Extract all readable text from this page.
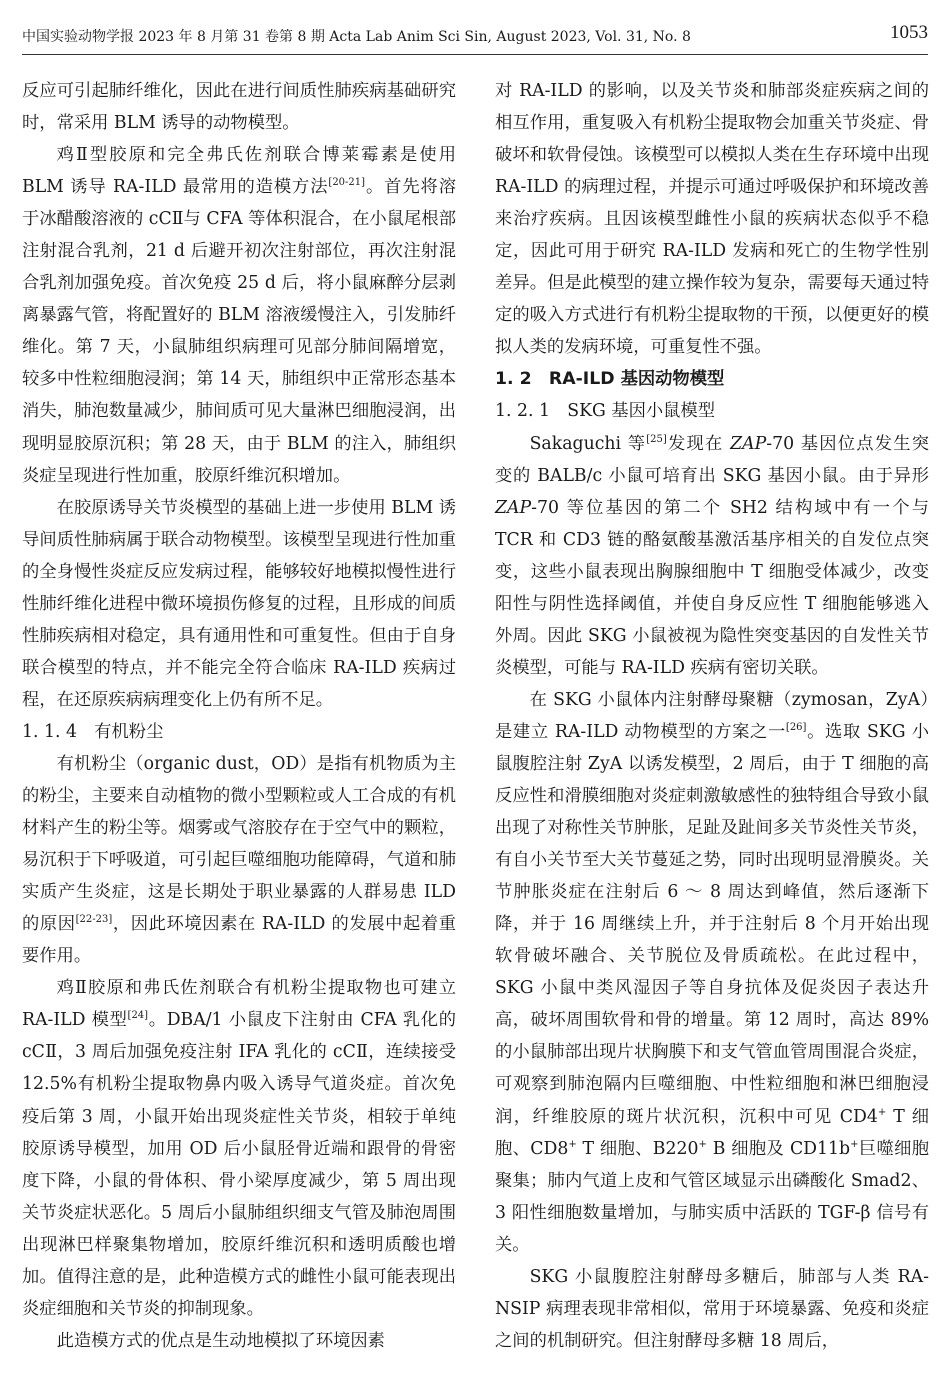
中国实验动物学报 2023 年 8 月第 31 卷第 8 期 Acta Lab Anim Sci Sin, August 2023, Vol. 31, No. 8	1053

反应可引起肺纤维化，因此在进行间质性肺疾病基础研究时，常采用 BLM 诱导的动物模型。

鸡Ⅱ型胶原和完全弗氏佐剂联合博莱霉素是使用 BLM 诱导 RA-ILD 最常用的造模方法[20-21]。首先将溶于冰醋酸溶液的 cCⅡ与 CFA 等体积混合，在小鼠尾根部注射混合乳剂，21 d 后避开初次注射部位，再次注射混合乳剂加强免疫。首次免疫 25 d 后，将小鼠麻醉分层剥离暴露气管，将配置好的 BLM 溶液缓慢注入，引发肺纤维化。第 7 天，小鼠肺组织病理可见部分肺间隔增宽，较多中性粒细胞浸润；第 14 天，肺组织中正常形态基本消失，肺泡数量减少，肺间质可见大量淋巴细胞浸润，出现明显胶原沉积；第 28 天，由于 BLM 的注入，肺组织炎症呈现进行性加重，胶原纤维沉积增加。

在胶原诱导关节炎模型的基础上进一步使用 BLM 诱导间质性肺病属于联合动物模型。该模型呈现进行性加重的全身慢性炎症反应发病过程，能够较好地模拟慢性进行性肺纤维化进程中微环境损伤修复的过程，且形成的间质性肺疾病相对稳定，具有通用性和可重复性。但由于自身联合模型的特点，并不能完全符合临床 RA-ILD 疾病过程，在还原疾病病理变化上仍有所不足。

1. 1. 4　有机粉尘

有机粉尘（organic dust，OD）是指有机物质为主的粉尘，主要来自动植物的微小型颗粒或人工合成的有机材料产生的粉尘等。烟雾或气溶胶存在于空气中的颗粒，易沉积于下呼吸道，可引起巨噬细胞功能障碍，气道和肺实质产生炎症，这是长期处于职业暴露的人群易患 ILD 的原因[22-23]，因此环境因素在 RA-ILD 的发展中起着重要作用。

鸡Ⅱ胶原和弗氏佐剂联合有机粉尘提取物也可建立 RA-ILD 模型[24]。DBA/1 小鼠皮下注射由 CFA 乳化的 cCⅡ，3 周后加强免疫注射 IFA 乳化的 cCⅡ，连续接受 12.5%有机粉尘提取物鼻内吸入诱导气道炎症。首次免疫后第 3 周，小鼠开始出现炎症性关节炎，相较于单纯胶原诱导模型，加用 OD 后小鼠胫骨近端和跟骨的骨密度下降，小鼠的骨体积、骨小梁厚度减少，第 5 周出现关节炎症状恶化。5 周后小鼠肺组织细支气管及肺泡周围出现淋巴样聚集物增加，胶原纤维沉积和透明质酸也增加。值得注意的是，此种造模方式的雌性小鼠可能表现出炎症细胞和关节炎的抑制现象。

此造模方式的优点是生动地模拟了环境因素

对 RA-ILD 的影响，以及关节炎和肺部炎症疾病之间的相互作用，重复吸入有机粉尘提取物会加重关节炎症、骨破坏和软骨侵蚀。该模型可以模拟人类在生存环境中出现 RA-ILD 的病理过程，并提示可通过呼吸保护和环境改善来治疗疾病。且因该模型雌性小鼠的疾病状态似乎不稳定，因此可用于研究 RA-ILD 发病和死亡的生物学性别差异。但是此模型的建立操作较为复杂，需要每天通过特定的吸入方式进行有机粉尘提取物的干预，以便更好的模拟人类的发病环境，可重复性不强。

1. 2　RA-ILD 基因动物模型

1. 2. 1　SKG 基因小鼠模型

Sakaguchi 等[25]发现在 ZAP-70 基因位点发生突变的 BALB/c 小鼠可培育出 SKG 基因小鼠。由于异形 ZAP-70 等位基因的第二个 SH2 结构域中有一个与 TCR 和 CD3 链的酪氨酸基激活基序相关的自发位点突变，这些小鼠表现出胸腺细胞中 T 细胞受体减少，改变阳性与阴性选择阈值，并使自身反应性 T 细胞能够逃入外周。因此 SKG 小鼠被视为隐性突变基因的自发性关节炎模型，可能与 RA-ILD 疾病有密切关联。

在 SKG 小鼠体内注射酵母聚糖（zymosan，ZyA）是建立 RA-ILD 动物模型的方案之一[26]。选取 SKG 小鼠腹腔注射 ZyA 以诱发模型，2 周后，由于 T 细胞的高反应性和滑膜细胞对炎症刺激敏感性的独特组合导致小鼠出现了对称性关节肿胀，足趾及趾间多关节炎性关节炎，有自小关节至大关节蔓延之势，同时出现明显滑膜炎。关节肿胀炎症在注射后 6 ～ 8 周达到峰值，然后逐渐下降，并于 16 周继续上升，并于注射后 8 个月开始出现软骨破坏融合、关节脱位及骨质疏松。在此过程中，SKG 小鼠中类风湿因子等自身抗体及促炎因子表达升高，破坏周围软骨和骨的增量。第 12 周时，高达 89%的小鼠肺部出现片状胸膜下和支气管血管周围混合炎症，可观察到肺泡隔内巨噬细胞、中性粒细胞和淋巴细胞浸润，纤维胶原的斑片状沉积，沉积中可见 CD4+ T 细胞、CD8+ T 细胞、B220+ B 细胞及 CD11b+巨噬细胞聚集；肺内气道上皮和气管区域显示出磷酸化 Smad2、3 阳性细胞数量增加，与肺实质中活跃的 TGF-β 信号有关。

SKG 小鼠腹腔注射酵母多糖后，肺部与人类 RA-NSIP 病理表现非常相似，常用于环境暴露、免疫和炎症之间的机制研究。但注射酵母多糖 18 周后，
